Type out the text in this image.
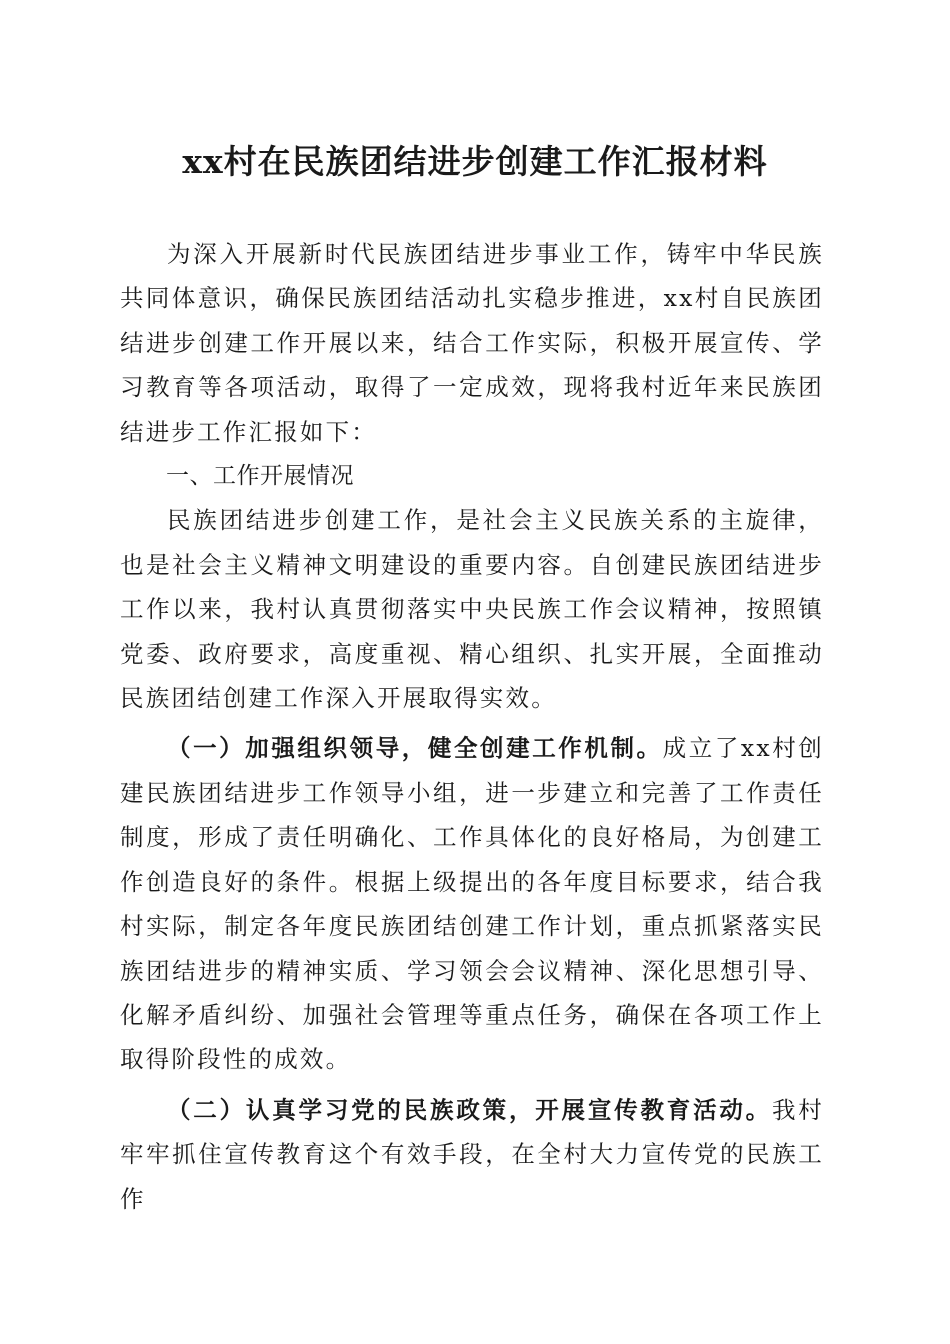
xx村在民族团结进步创建工作汇报材料

为深入开展新时代民族团结进步事业工作，铸牢中华民族共同体意识，确保民族团结活动扎实稳步推进，xx村自民族团结进步创建工作开展以来，结合工作实际，积极开展宣传、学习教育等各项活动，取得了一定成效，现将我村近年来民族团结进步工作汇报如下：

一、工作开展情况

民族团结进步创建工作，是社会主义民族关系的主旋律，也是社会主义精神文明建设的重要内容。自创建民族团结进步工作以来，我村认真贯彻落实中央民族工作会议精神，按照镇党委、政府要求，高度重视、精心组织、扎实开展，全面推动民族团结创建工作深入开展取得实效。

（一）加强组织领导，健全创建工作机制。成立了xx村创建民族团结进步工作领导小组，进一步建立和完善了工作责任制度，形成了责任明确化、工作具体化的良好格局，为创建工作创造良好的条件。根据上级提出的各年度目标要求，结合我村实际，制定各年度民族团结创建工作计划，重点抓紧落实民族团结进步的精神实质、学习领会会议精神、深化思想引导、化解矛盾纠纷、加强社会管理等重点任务，确保在各项工作上取得阶段性的成效。

（二）认真学习党的民族政策，开展宣传教育活动。我村牢牢抓住宣传教育这个有效手段，在全村大力宣传党的民族工作
